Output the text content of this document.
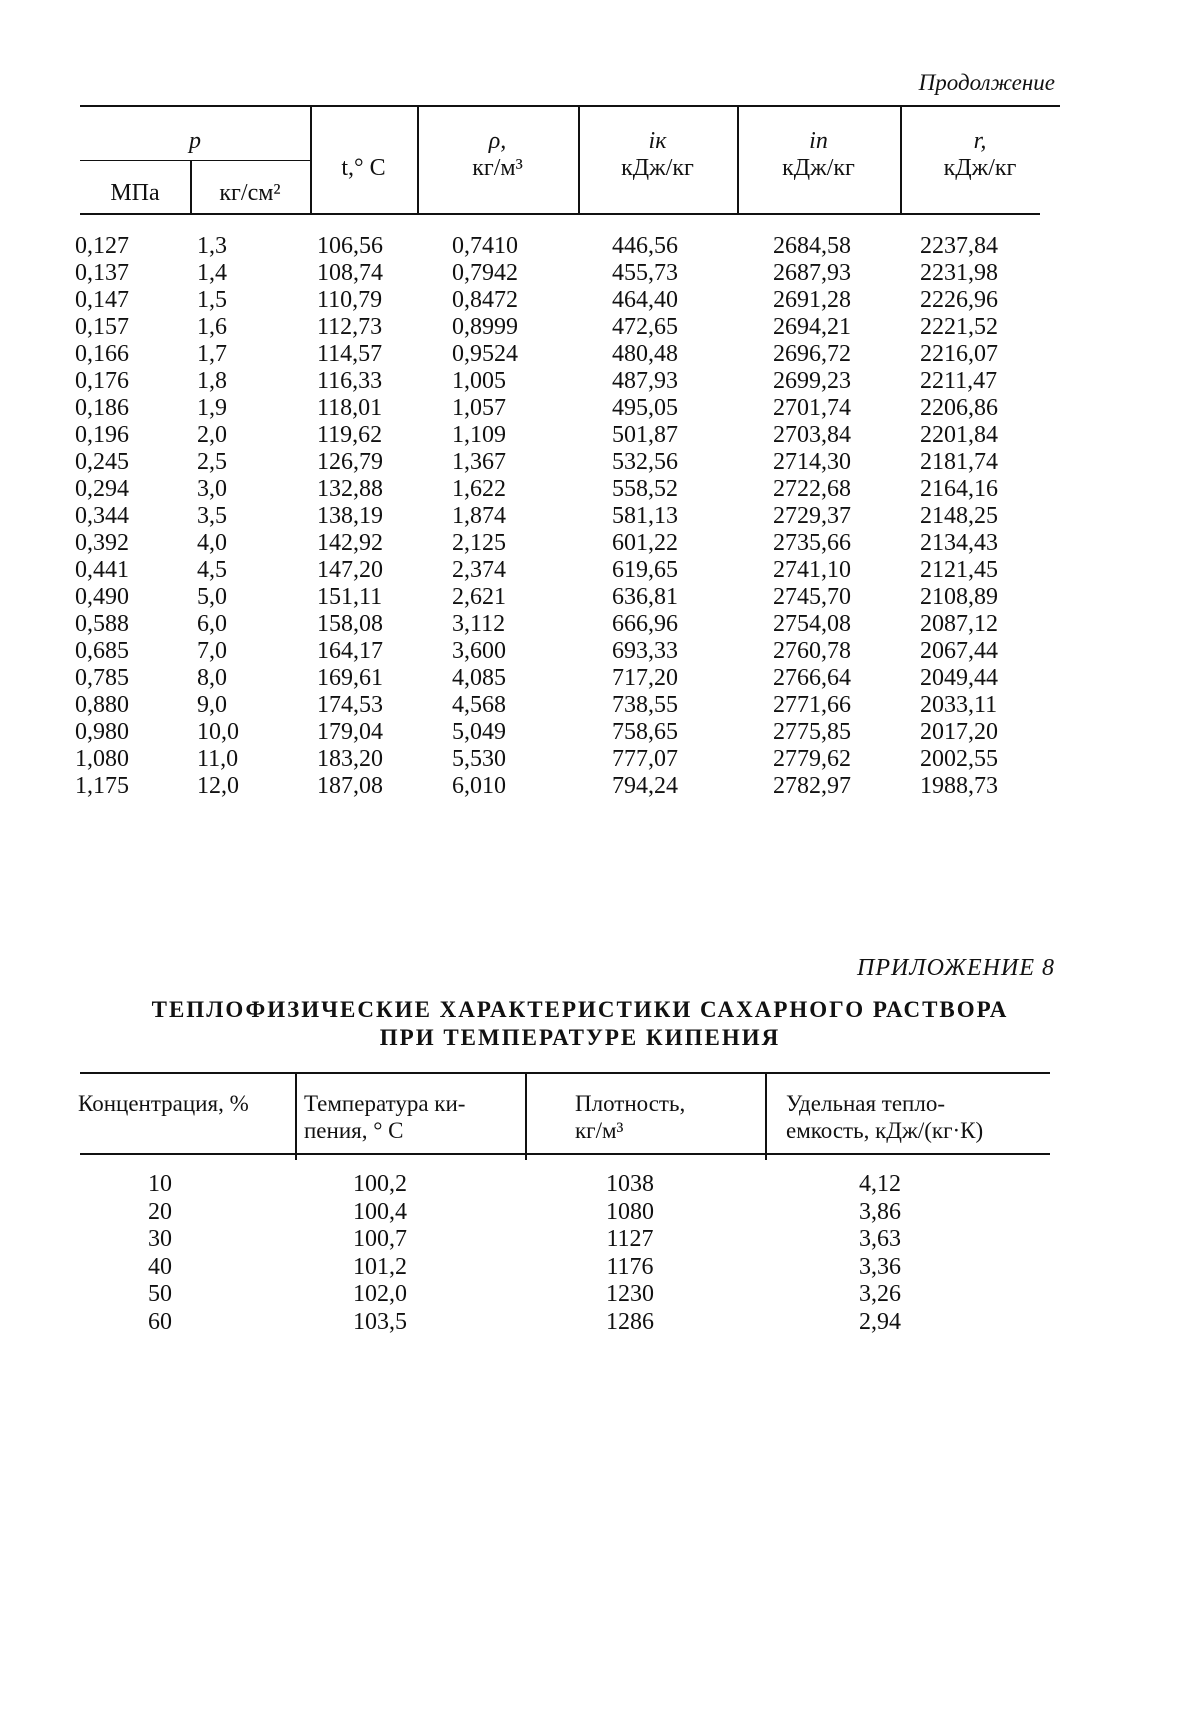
Продолжение
p
МПа	кг/см²
t,° C
ρ,
кг/м³
iк
кДж/кг
iп
кДж/кг
r,
кДж/кг
0,127
0,137
0,147
0,157
0,166
0,176
0,186
0,196
0,245
0,294
0,344
0,392
0,441
0,490
0,588
0,685
0,785
0,880
0,980
1,080
1,175
1,3
1,4
1,5
1,6
1,7
1,8
1,9
2,0
2,5
3,0
3,5
4,0
4,5
5,0
6,0
7,0
8,0
9,0
10,0
11,0
12,0
106,56
108,74
110,79
112,73
114,57
116,33
118,01
119,62
126,79
132,88
138,19
142,92
147,20
151,11
158,08
164,17
169,61
174,53
179,04
183,20
187,08
0,7410
0,7942
0,8472
0,8999
0,9524
1,005
1,057
1,109
1,367
1,622
1,874
2,125
2,374
2,621
3,112
3,600
4,085
4,568
5,049
5,530
6,010
446,56
455,73
464,40
472,65
480,48
487,93
495,05
501,87
532,56
558,52
581,13
601,22
619,65
636,81
666,96
693,33
717,20
738,55
758,65
777,07
794,24
2684,58
2687,93
2691,28
2694,21
2696,72
2699,23
2701,74
2703,84
2714,30
2722,68
2729,37
2735,66
2741,10
2745,70
2754,08
2760,78
2766,64
2771,66
2775,85
2779,62
2782,97
2237,84
2231,98
2226,96
2221,52
2216,07
2211,47
2206,86
2201,84
2181,74
2164,16
2148,25
2134,43
2121,45
2108,89
2087,12
2067,44
2049,44
2033,11
2017,20
2002,55
1988,73
ПРИЛОЖЕНИЕ 8
ТЕПЛОФИЗИЧЕСКИЕ ХАРАКТЕРИСТИКИ САХАРНОГО РАСТВОРА
ПРИ ТЕМПЕРАТУРЕ КИПЕНИЯ
Концентрация, % Температура ки-
пения, ° C
Плотность,
кг/м³
Удельная тепло-
емкость, кДж/(кг·К)
10
20
30
40
50
60
100,2
100,4
100,7
101,2
102,0
103,5
1038
1080
1127
1176
1230
1286
4,12
3,86
3,63
3,36
3,26
2,94
